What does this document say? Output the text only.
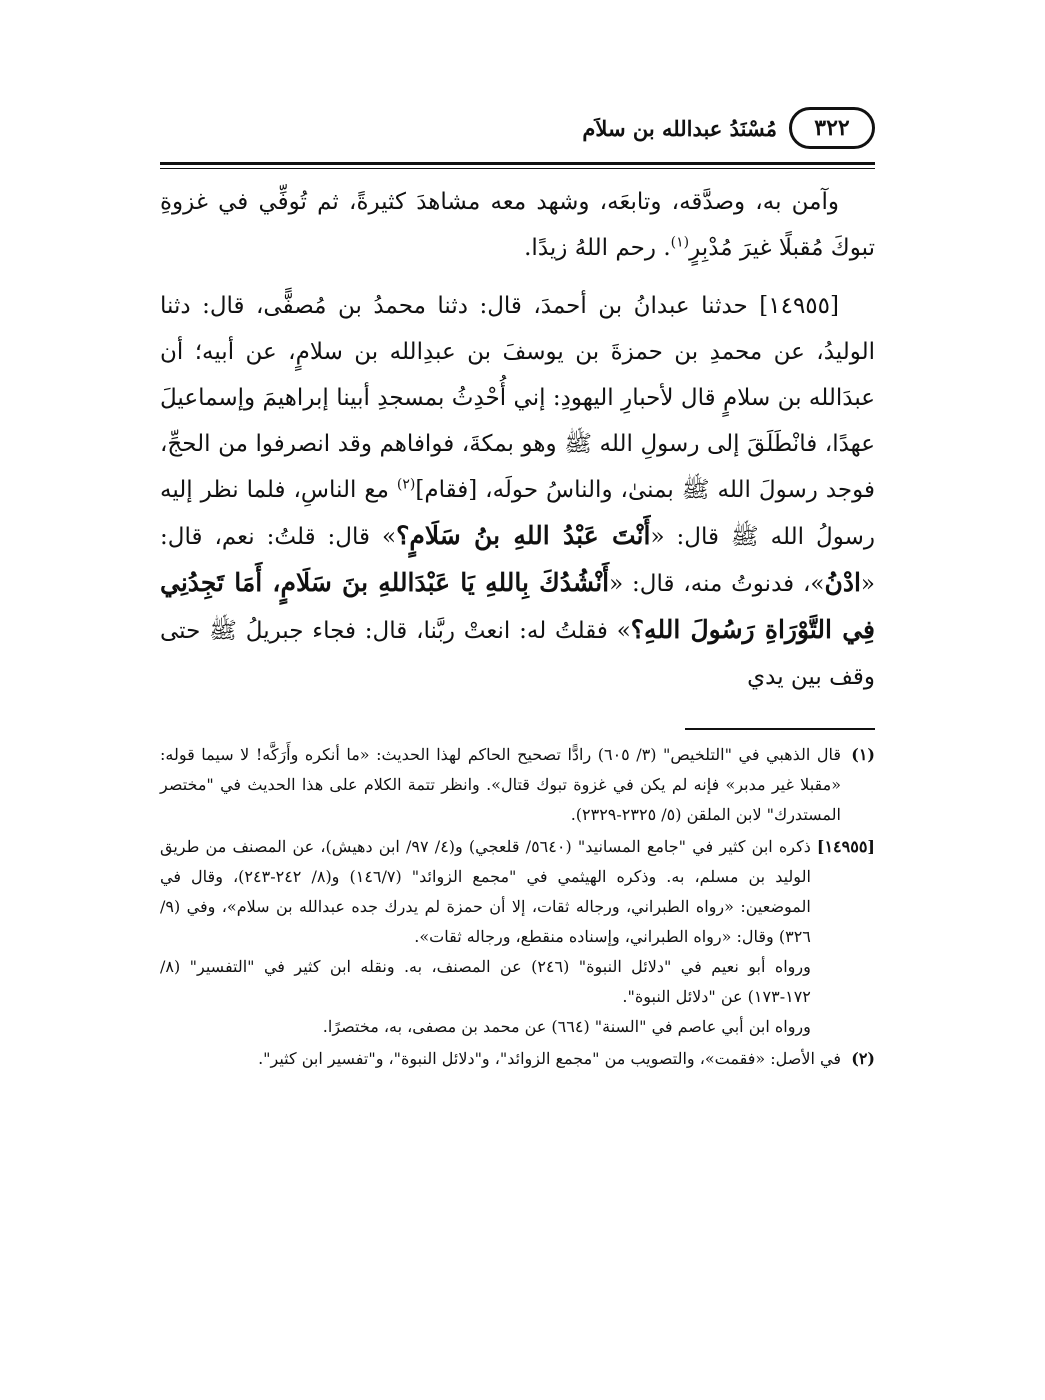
٣٢٢
مُسْنَدُ عبدالله بن سلاَم

وآمن به، وصدَّقه، وتابعَه، وشهد معه مشاهدَ كثيرةً، ثم تُوفِّي في غزوةِ تبوكَ مُقبلًا غيرَ مُدْبِرٍ$^{(١)}$. رحم اللهُ زيدًا.

[١٤٩٥٥] حدثنا عبدانُ بن أحمدَ، قال: دثنا محمدُ بن مُصفًّى، قال: دثنا الوليدُ، عن محمدِ بن حمزةَ بن يوسفَ بن عبدِالله بن سلامٍ، عن أبيه؛ أن عبدَالله بن سلامٍ قال لأحبارِ اليهودِ: إني أُحْدِثُ بمسجدِ أبينا إبراهيمَ وإسماعيلَ عهدًا، فانْطَلَقَ إلى رسولِ الله ﷺ وهو بمكةَ، فوافاهم وقد انصرفوا من الحجِّ، فوجد رسولَ الله ﷺ بمنىٰ، والناسُ حولَه، [فقام]$^{(٢)}$ مع الناسِ، فلما نظر إليه رسولُ الله ﷺ قال: «أَنْتَ عَبْدُ اللهِ بنُ سَلَامٍ؟» قال: قلتُ: نعم، قال: «ادْنُ»، فدنوتُ منه، قال: «أَنْشُدُكَ بِاللهِ يَا عَبْدَاللهِ بنَ سَلَامٍ، أَمَا تَجِدُنِي فِي التَّوْرَاةِ رَسُولَ اللهِ؟» فقلتُ له: انعتْ ربَّنا، قال: فجاء جبريلُ ﷺ حتى وقف بين يدي

(١)

قال الذهبي في "التلخيص" (٣/ ٦٠٥) رادًّا تصحيح الحاكم لهذا الحديث: «ما أنكره وأَرَكَّه! لا سيما قوله: «مقبلا غير مدبر» فإنه لم يكن في غزوة تبوك قتال». وانظر تتمة الكلام على هذا الحديث في "مختصر المستدرك" لابن الملقن (٥/ ٢٣٢٥-٢٣٢٩).

[١٤٩٥٥]

ذكره ابن كثير في "جامع المسانيد" (٥٦٤٠/ قلعجي) و(٤/ ٩٧/ ابن دهيش)، عن المصنف من طريق الوليد بن مسلم، به. وذكره الهيثمي في "مجمع الزوائد" (١٤٦/٧) و(٨/ ٢٤٢-٢٤٣)، وقال في الموضعين: «رواه الطبراني، ورجاله ثقات، إلا أن حمزة لم يدرك جده عبدالله بن سلام»، وفي (٩/ ٣٢٦) وقال: «رواه الطبراني، وإسناده منقطع، ورجاله ثقات».

ورواه أبو نعيم في "دلائل النبوة" (٢٤٦) عن المصنف، به. ونقله ابن كثير في "التفسير" (٨/ ١٧٢-١٧٣) عن "دلائل النبوة".

ورواه ابن أبي عاصم في "السنة" (٦٦٤) عن محمد بن مصفى، به، مختصرًا.

(٢)

في الأصل: «فقمت»، والتصويب من "مجمع الزوائد"، و"دلائل النبوة"، و"تفسير ابن كثير".
